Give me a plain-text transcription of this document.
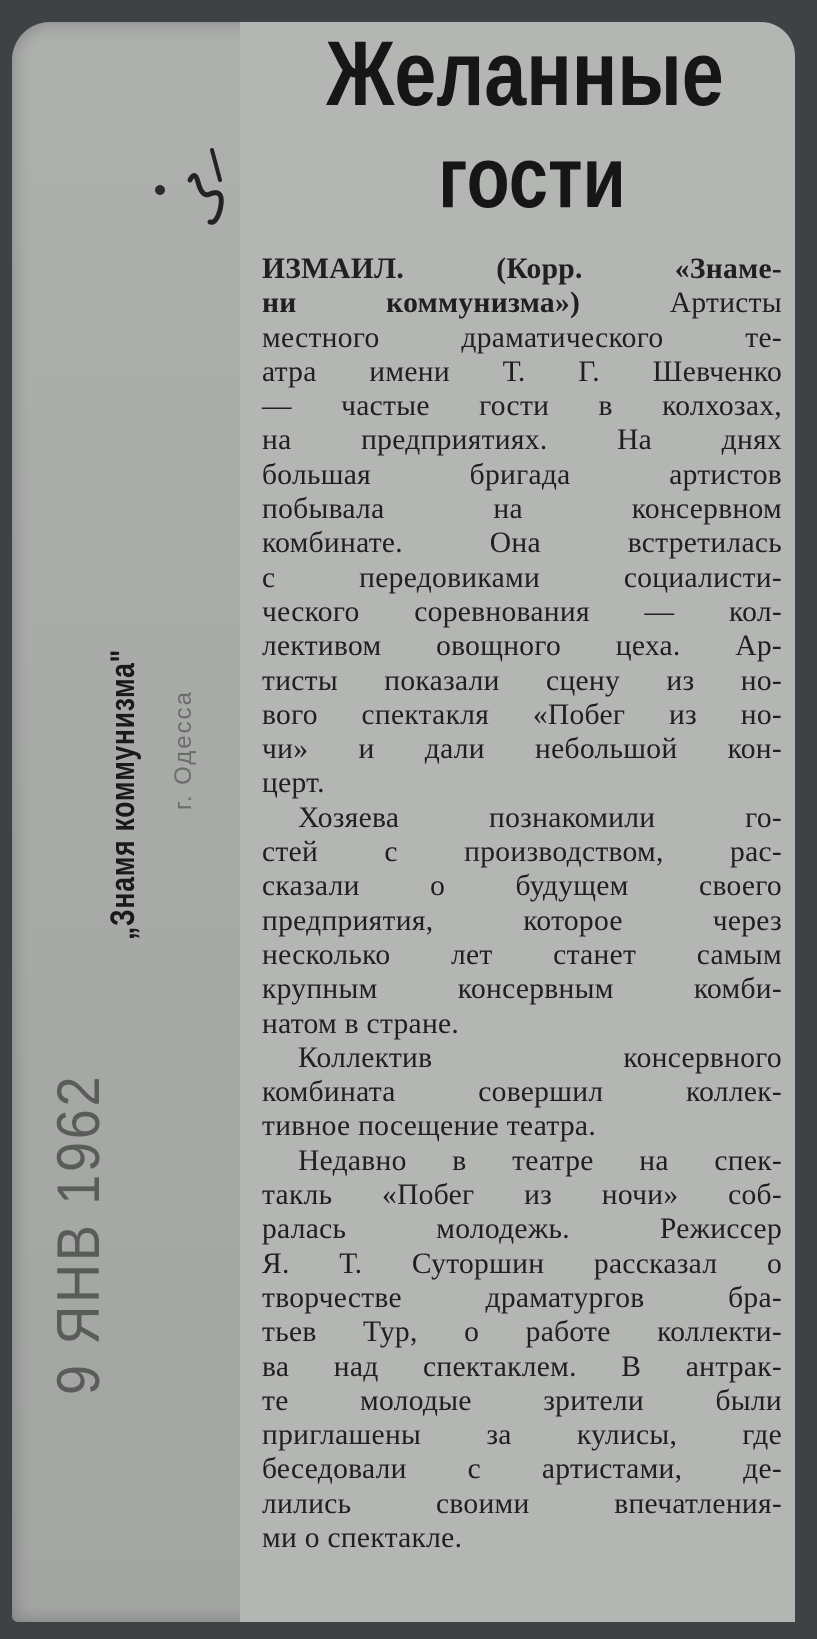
Желанные
гости
ИЗМАИЛ. (Корр. «Знаме-
ни коммунизма»)	Артисты
местного драматического те-
атра имени Т. Г. Шевченко
— частые гости в колхозах,
на предприятиях. На днях
большая бригада артистов
побывала на консервном
комбинате. Она встретилась
с передовиками социалисти-
ческого соревнования — кол-
лективом овощного цеха. Ар-
тисты показали сцену из но-
вого спектакля «Побег из но-
чи» и дали небольшой кон-
церт.
Хозяева познакомили го-
стей с производством, рас-
сказали о будущем своего
предприятия, которое через
несколько лет станет самым
крупным консервным комби-
натом в стране.
Коллектив консервного
комбината совершил коллек-
тивное посещение театра.
Недавно в театре на спек-
такль «Побег из ночи» соб-
ралась молодежь. Режиссер
Я. Т. Суторшин рассказал о
творчестве драматургов бра-
тьев Тур, о работе коллекти-
ва над спектаклем. В антрак-
те молодые зрители были
приглашены за кулисы, где
беседовали с артистами, де-
лились своими впечатления-
ми о спектакле.
„Знамя коммунизма" г. Одесса
9 ЯНВ 1962
